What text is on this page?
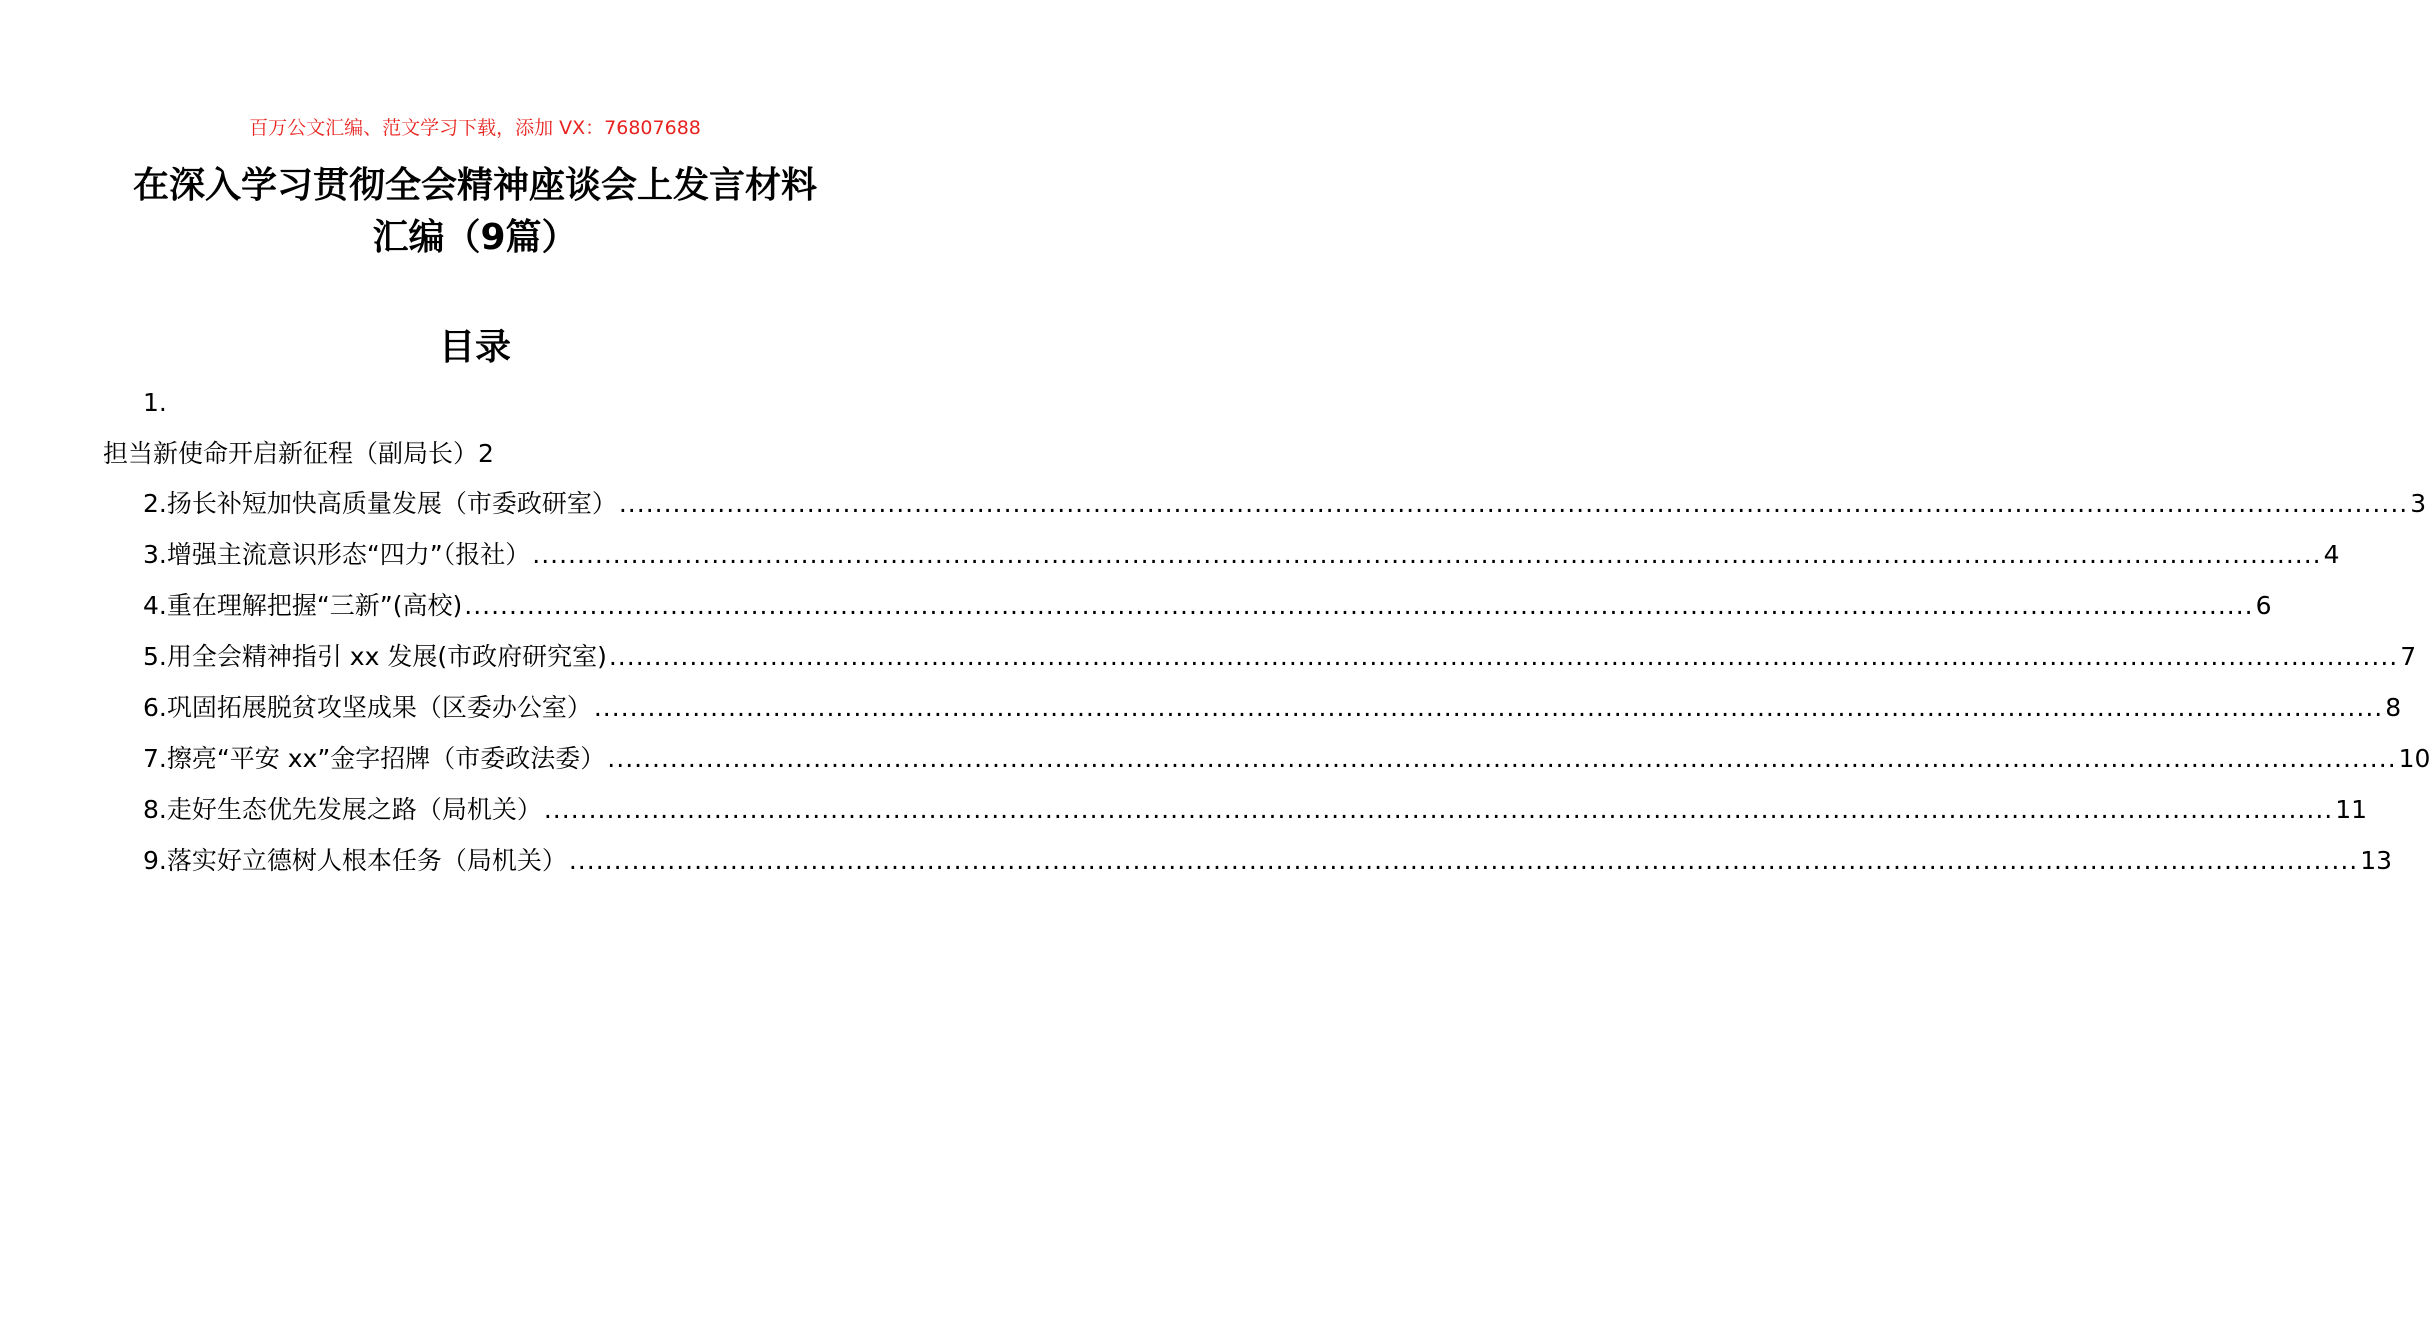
百万公文汇编、范文学习下载，添加 VX：76807688
在深入学习贯彻全会精神座谈会上发言材料
汇编（9篇）
目录
1.
担当新使命开启新征程（副局长）2
2.扬长补短加快高质量发展（市委政研室） ........................................................................................................................................................................................................ 3
3.增强主流意识形态“四力”（报社） ........................................................................................................................................................................................................ 4
4.重在理解把握“三新”(高校) ........................................................................................................................................................................................................ 6
5.用全会精神指引 xx 发展(市政府研究室) ........................................................................................................................................................................................................ 7
6.巩固拓展脱贫攻坚成果（区委办公室） ........................................................................................................................................................................................................ 8
7.擦亮“平安 xx”金字招牌（市委政法委） ........................................................................................................................................................................................................ 10
8.走好生态优先发展之路（局机关） ........................................................................................................................................................................................................ 11
9.落实好立德树人根本任务（局机关） ........................................................................................................................................................................................................ 13
